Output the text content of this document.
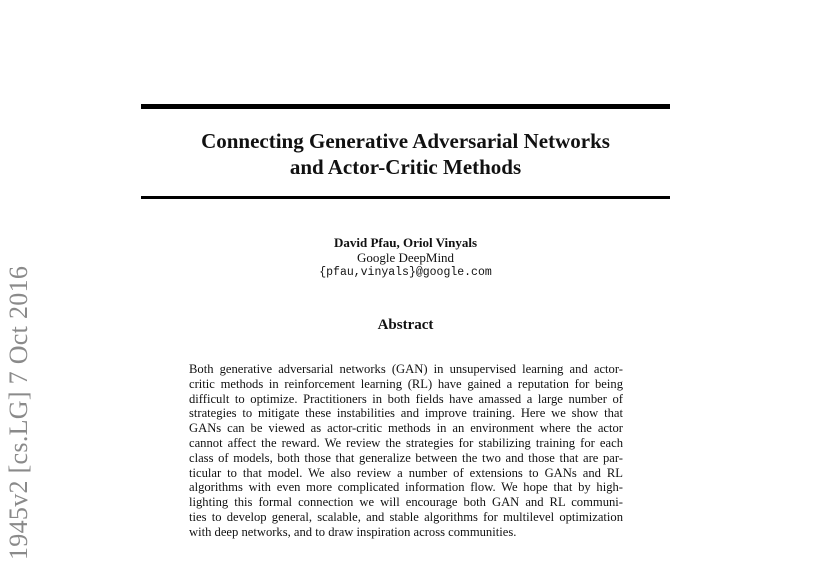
1945v2 [cs.LG] 7 Oct 2016
Connecting Generative Adversarial Networks
and Actor-Critic Methods
David Pfau, Oriol Vinyals
Google DeepMind
{pfau,vinyals}@google.com
Abstract
Both generative adversarial networks (GAN) in unsupervised learning and actor-
critic methods in reinforcement learning (RL) have gained a reputation for being
difficult to optimize. Practitioners in both fields have amassed a large number of
strategies to mitigate these instabilities and improve training. Here we show that
GANs can be viewed as actor-critic methods in an environment where the actor
cannot affect the reward. We review the strategies for stabilizing training for each
class of models, both those that generalize between the two and those that are par-
ticular to that model. We also review a number of extensions to GANs and RL
algorithms with even more complicated information flow. We hope that by high-
lighting this formal connection we will encourage both GAN and RL communi-
ties to develop general, scalable, and stable algorithms for multilevel optimization
with deep networks, and to draw inspiration across communities.
